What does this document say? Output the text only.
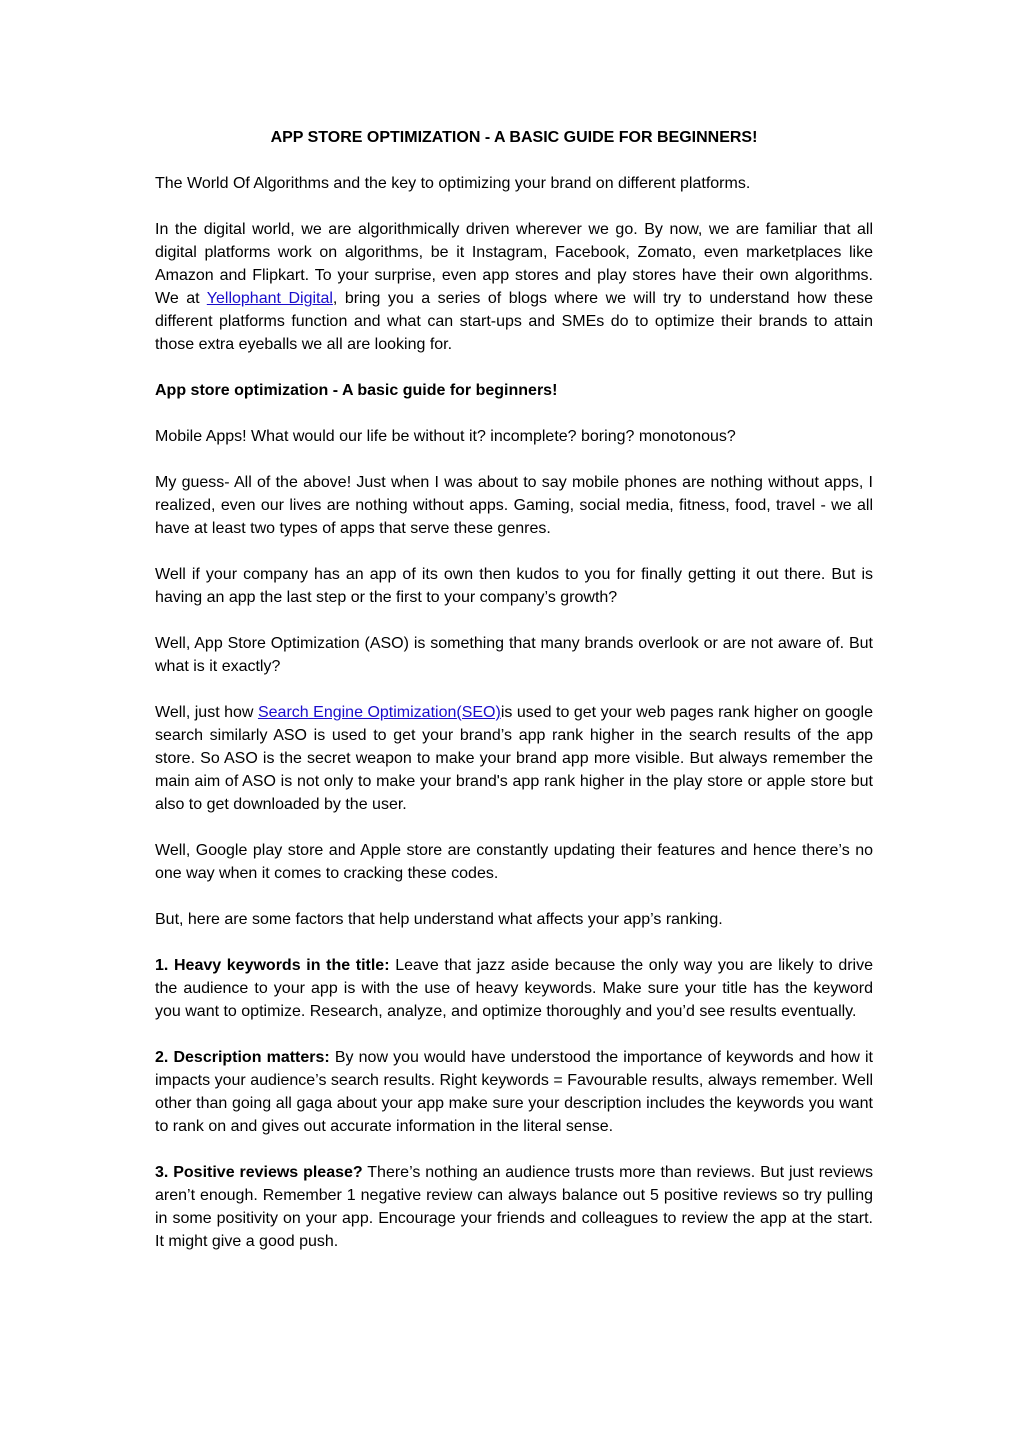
APP STORE OPTIMIZATION - A BASIC GUIDE FOR BEGINNERS!

The World Of Algorithms and the key to optimizing your brand on different platforms.

In the digital world, we are algorithmically driven wherever we go. By now, we are familiar that all digital platforms work on algorithms, be it Instagram, Facebook, Zomato, even marketplaces like Amazon and Flipkart. To your surprise, even app stores and play stores have their own algorithms. We at Yellophant Digital, bring you a series of blogs where we will try to understand how these different platforms function and what can start-ups and SMEs do to optimize their brands to attain those extra eyeballs we all are looking for.

App store optimization - A basic guide for beginners!

Mobile Apps! What would our life be without it? incomplete? boring? monotonous?

My guess- All of the above! Just when I was about to say mobile phones are nothing without apps, I realized, even our lives are nothing without apps. Gaming, social media, fitness, food, travel - we all have at least two types of apps that serve these genres.

Well if your company has an app of its own then kudos to you for finally getting it out there. But is having an app the last step or the first to your company’s growth?

Well, App Store Optimization (ASO) is something that many brands overlook or are not aware of. But what is it exactly?

Well, just how Search Engine Optimization(SEO)is used to get your web pages rank higher on google search similarly ASO is used to get your brand’s app rank higher in the search results of the app store. So ASO is the secret weapon to make your brand app more visible. But always remember the main aim of ASO is not only to make your brand's app rank higher in the play store or apple store but also to get downloaded by the user.

Well, Google play store and Apple store are constantly updating their features and hence there’s no one way when it comes to cracking these codes.

But, here are some factors that help understand what affects your app’s ranking.

1. Heavy keywords in the title: Leave that jazz aside because the only way you are likely to drive the audience to your app is with the use of heavy keywords. Make sure your title has the keyword you want to optimize. Research, analyze, and optimize thoroughly and you’d see results eventually.

2. Description matters: By now you would have understood the importance of keywords and how it impacts your audience’s search results. Right keywords = Favourable results, always remember. Well other than going all gaga about your app make sure your description includes the keywords you want to rank on and gives out accurate information in the literal sense.

3. Positive reviews please? There’s nothing an audience trusts more than reviews. But just reviews aren’t enough. Remember 1 negative review can always balance out 5 positive reviews so try pulling in some positivity on your app. Encourage your friends and colleagues to review the app at the start. It might give a good push.
